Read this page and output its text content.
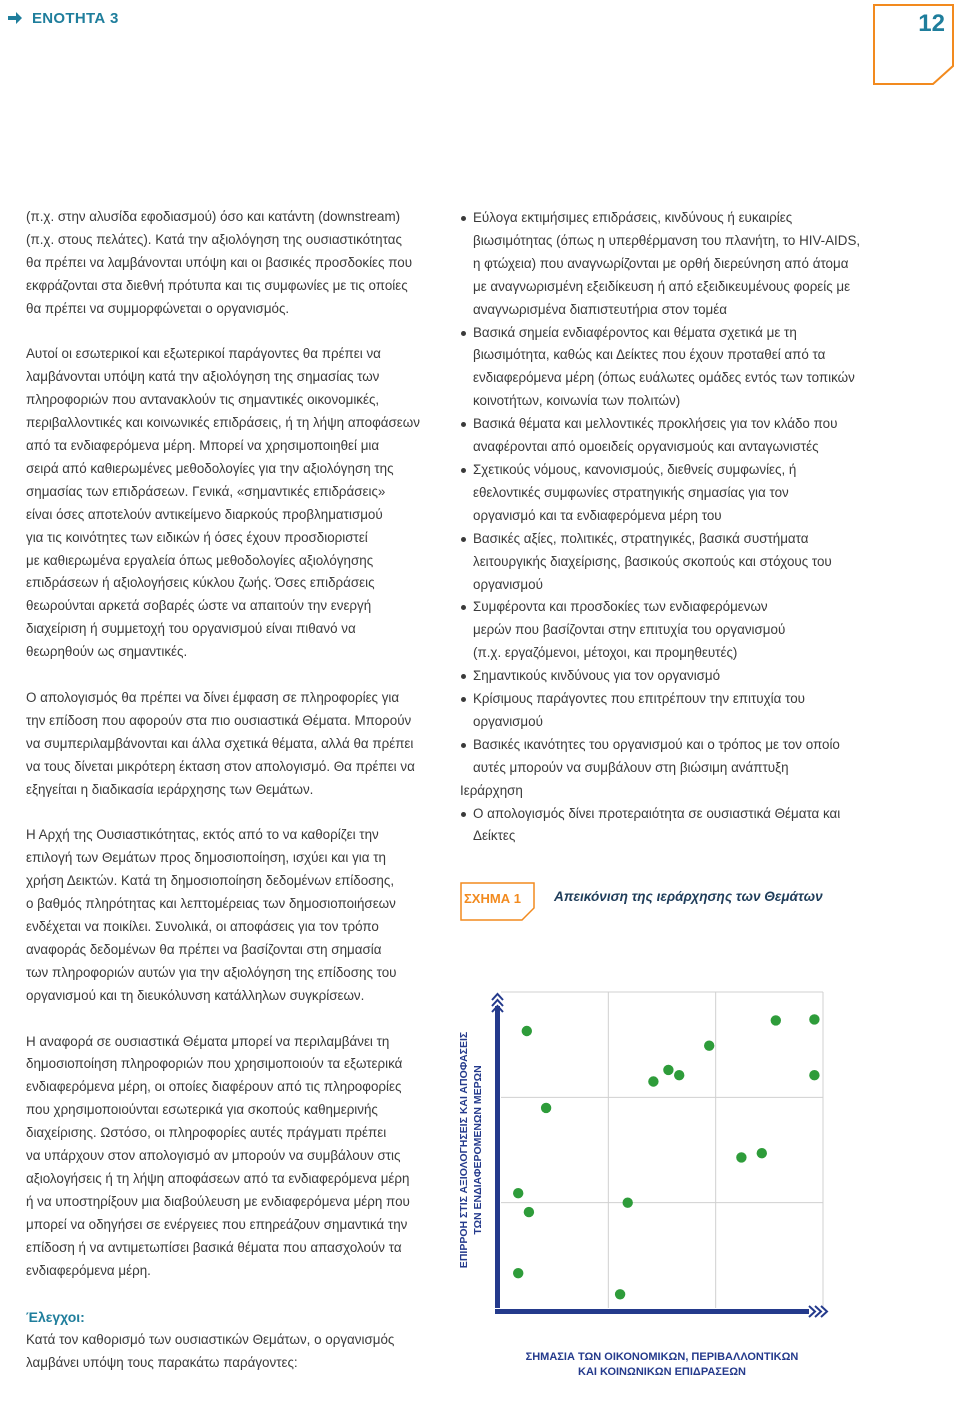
ΕΝΟΤΗΤΑ 3	12

(π.χ. στην αλυσίδα εφοδιασμού) όσο και κατάντη (downstream)
(π.χ. στους πελάτες). Κατά την αξιολόγηση της ουσιαστικότητας
θα πρέπει να λαμβάνονται υπόψη και οι βασικές προσδοκίες που
εκφράζονται στα διεθνή πρότυπα και τις συμφωνίες με τις οποίες
θα πρέπει να συμμορφώνεται ο οργανισμός.

Αυτοί οι εσωτερικοί και εξωτερικοί παράγοντες θα πρέπει να
λαμβάνονται υπόψη κατά την αξιολόγηση της σημασίας των
πληροφοριών που αντανακλούν τις σημαντικές οικονομικές,
περιβαλλοντικές και κοινωνικές επιδράσεις, ή τη λήψη αποφάσεων
από τα ενδιαφερόμενα μέρη. Μπορεί να χρησιμοποιηθεί μια
σειρά από καθιερωμένες μεθοδολογίες για την αξιολόγηση της
σημασίας των επιδράσεων. Γενικά, «σημαντικές επιδράσεις»
είναι όσες αποτελούν αντικείμενο διαρκούς προβληματισμού
για τις κοινότητες των ειδικών ή όσες έχουν προσδιοριστεί
με καθιερωμένα εργαλεία όπως μεθοδολογίες αξιολόγησης
επιδράσεων ή αξιολογήσεις κύκλου ζωής. Όσες επιδράσεις
θεωρούνται αρκετά σοβαρές ώστε να απαιτούν την ενεργή
διαχείριση ή συμμετοχή του οργανισμού είναι πιθανό να
θεωρηθούν ως σημαντικές.

Ο απολογισμός θα πρέπει να δίνει έμφαση σε πληροφορίες για
την επίδοση που αφορούν στα πιο ουσιαστικά Θέματα. Μπορούν
να συμπεριλαμβάνονται και άλλα σχετικά θέματα, αλλά θα πρέπει
να τους δίνεται μικρότερη έκταση στον απολογισμό. Θα πρέπει να
εξηγείται η διαδικασία ιεράρχησης των Θεμάτων.

Η Αρχή της Ουσιαστικότητας, εκτός από το να καθορίζει την
επιλογή των Θεμάτων προς δημοσιοποίηση, ισχύει και για τη
χρήση Δεικτών. Κατά τη δημοσιοποίηση δεδομένων επίδοσης,
ο βαθμός πληρότητας και λεπτομέρειας των δημοσιοποιήσεων
ενδέχεται να ποικίλει. Συνολικά, οι αποφάσεις για τον τρόπο
αναφοράς δεδομένων θα πρέπει να βασίζονται στη σημασία
των πληροφοριών αυτών για την αξιολόγηση της επίδοσης του
οργανισμού και τη διευκόλυνση κατάλληλων συγκρίσεων.

Η αναφορά σε ουσιαστικά Θέματα μπορεί να περιλαμβάνει τη
δημοσιοποίηση πληροφοριών που χρησιμοποιούν τα εξωτερικά
ενδιαφερόμενα μέρη, οι οποίες διαφέρουν από τις πληροφορίες
που χρησιμοποιούνται εσωτερικά για σκοπούς καθημερινής
διαχείρισης. Ωστόσο, οι πληροφορίες αυτές πράγματι πρέπει
να υπάρχουν στον απολογισμό αν μπορούν να συμβάλουν στις
αξιολογήσεις ή τη λήψη αποφάσεων από τα ενδιαφερόμενα μέρη
ή να υποστηρίξουν μια διαβούλευση με ενδιαφερόμενα μέρη που
μπορεί να οδηγήσει σε ενέργειες που επηρεάζουν σημαντικά την
επίδοση ή να αντιμετωπίσει βασικά θέματα που απασχολούν τα
ενδιαφερόμενα μέρη.

Έλεγχοι:
Κατά τον καθορισμό των ουσιαστικών Θεμάτων, ο οργανισμός
λαμβάνει υπόψη τους παρακάτω παράγοντες:
Εύλογα εκτιμήσιμες επιδράσεις, κινδύνους ή ευκαιρίες
βιωσιμότητας (όπως η υπερθέρμανση του πλανήτη, το HIV-AIDS,
η φτώχεια) που αναγνωρίζονται με ορθή διερεύνηση από άτομα
με αναγνωρισμένη εξειδίκευση ή από εξειδικευμένους φορείς με
αναγνωρισμένα διαπιστευτήρια στον τομέα
Βασικά σημεία ενδιαφέροντος και θέματα σχετικά με τη
βιωσιμότητα, καθώς και Δείκτες που έχουν προταθεί από τα
ενδιαφερόμενα μέρη (όπως ευάλωτες ομάδες εντός των τοπικών
κοινοτήτων, κοινωνία των πολιτών)
Βασικά θέματα και μελλοντικές προκλήσεις για τον κλάδο που
αναφέρονται από ομοειδείς οργανισμούς και ανταγωνιστές
Σχετικούς νόμους, κανονισμούς, διεθνείς συμφωνίες, ή
εθελοντικές συμφωνίες στρατηγικής σημασίας για τον
οργανισμό και τα ενδιαφερόμενα μέρη του
Βασικές αξίες, πολιτικές, στρατηγικές, βασικά συστήματα
λειτουργικής διαχείρισης, βασικούς σκοπούς και στόχους του
οργανισμού
Συμφέροντα και προσδοκίες των ενδιαφερόμενων
μερών που βασίζονται στην επιτυχία του οργανισμού
(π.χ. εργαζόμενοι, μέτοχοι, και προμηθευτές)
Σημαντικούς κινδύνους για τον οργανισμό
Κρίσιμους παράγοντες που επιτρέπουν την επιτυχία του
οργανισμού
Βασικές ικανότητες του οργανισμού και ο τρόπος με τον οποίο
αυτές μπορούν να συμβάλουν στη βιώσιμη ανάπτυξη
Ιεράρχηση
Ο απολογισμός δίνει προτεραιότητα σε ουσιαστικά Θέματα και
Δείκτες
ΣΧΗΜΑ 1 Απεικόνιση της ιεράρχησης των Θεμάτων
ΣΗΜΑΣΙΑ ΤΩΝ ΟΙΚΟΝΟΜΙΚΩΝ, ΠΕΡΙΒΑΛΛΟΝΤΙΚΩΝ
ΚΑΙ ΚΟΙΝΩΝΙΚΩΝ ΕΠΙΔΡΑΣΕΩΝ
ΕΠΙΡΡΟΗ ΣΤΙΣ ΑΞΙΟΛΟΓΗΣΕΙΣ ΚΑΙ ΑΠΟΦΑΣΕΙΣ ΤΩΝ ΕΝΔΙΑΦΕΡΟΜΕΝΩΝ ΜΕΡΩΝ
